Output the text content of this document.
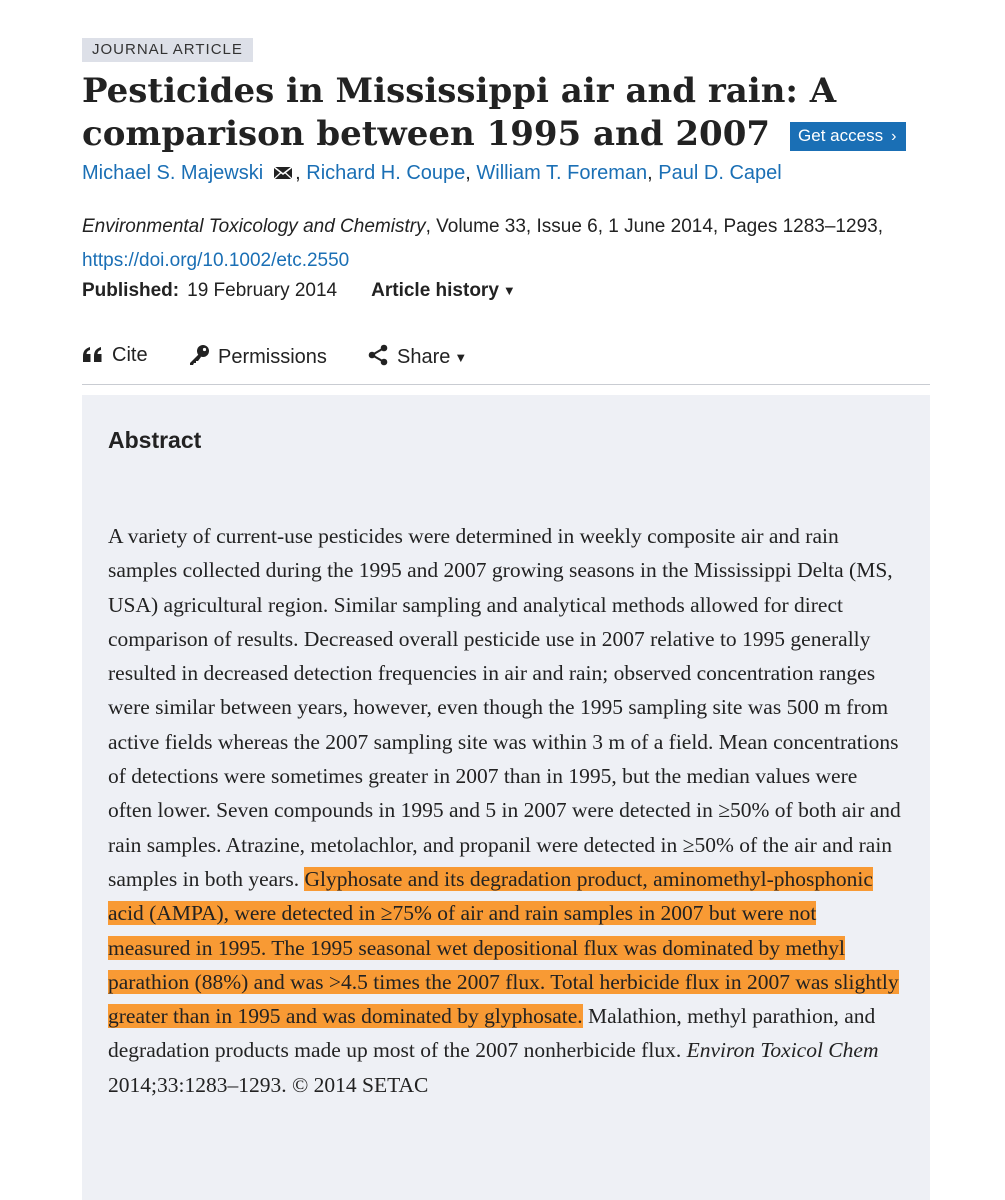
JOURNAL ARTICLE
Pesticides in Mississippi air and rain: A comparison between 1995 and 2007 Get access ›
Michael S. Majewski , Richard H. Coupe, William T. Foreman, Paul D. Capel
Environmental Toxicology and Chemistry, Volume 33, Issue 6, 1 June 2014, Pages 1283–1293, https://doi.org/10.1002/etc.2550
Published: 19 February 2014 Article history ▼
Cite	Permissions	Share ▼
Abstract

A variety of current-use pesticides were determined in weekly composite air and rain samples collected during the 1995 and 2007 growing seasons in the Mississippi Delta (MS, USA) agricultural region. Similar sampling and analytical methods allowed for direct comparison of results. Decreased overall pesticide use in 2007 relative to 1995 generally resulted in decreased detection frequencies in air and rain; observed concentration ranges were similar between years, however, even though the 1995 sampling site was 500 m from active fields whereas the 2007 sampling site was within 3 m of a field. Mean concentrations of detections were sometimes greater in 2007 than in 1995, but the median values were often lower. Seven compounds in 1995 and 5 in 2007 were detected in ≥50% of both air and rain samples. Atrazine, metolachlor, and propanil were detected in ≥50% of the air and rain samples in both years. Glyphosate and its degradation product, aminomethyl-phosphonic acid (AMPA), were detected in ≥75% of air and rain samples in 2007 but were not measured in 1995. The 1995 seasonal wet depositional flux was dominated by methyl parathion (88%) and was >4.5 times the 2007 flux. Total herbicide flux in 2007 was slightly greater than in 1995 and was dominated by glyphosate. Malathion, methyl parathion, and degradation products made up most of the 2007 nonherbicide flux. Environ Toxicol Chem 2014;33:1283–1293. © 2014 SETAC
